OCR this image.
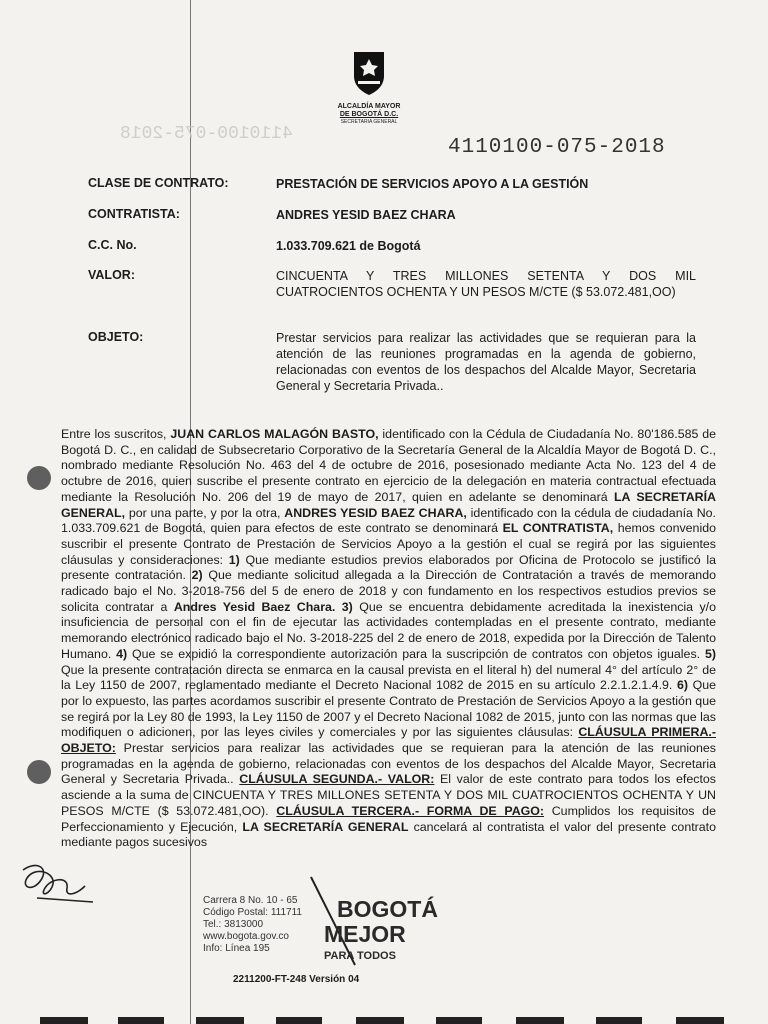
4110100-075-2018
ALCALDÍA MAYOR
DE BOGOTÁ D.C.
SECRETARIA GENERAL
4110100-075-2018
CLASE DE CONTRATO:	PRESTACIÓN DE SERVICIOS APOYO A LA GESTIÓN
CONTRATISTA:	ANDRES YESID BAEZ CHARA
C.C. No.	1.033.709.621 de Bogotá
VALOR:	CINCUENTA Y TRES MILLONES SETENTA Y DOS MIL CUATROCIENTOS OCHENTA Y UN PESOS M/CTE ($ 53.072.481,OO)
OBJETO:	Prestar servicios para realizar las actividades que se requieran para la atención de las reuniones programadas en la agenda de gobierno, relacionadas con eventos de los despachos del Alcalde Mayor, Secretaria General y Secretaria Privada..
Entre los suscritos, JUAN CARLOS MALAGÓN BASTO, identificado con la Cédula de Ciudadanía No. 80'186.585 de Bogotá D. C., en calidad de Subsecretario Corporativo de la Secretaría General de la Alcaldía Mayor de Bogotá D. C., nombrado mediante Resolución No. 463 del 4 de octubre de 2016, posesionado mediante Acta No. 123 del 4 de octubre de 2016, quien suscribe el presente contrato en ejercicio de la delegación en materia contractual efectuada mediante la Resolución No. 206 del 19 de mayo de 2017, quien en adelante se denominará LA SECRETARÍA GENERAL, por una parte, y por la otra, ANDRES YESID BAEZ CHARA, identificado con la cédula de ciudadanía No. 1.033.709.621 de Bogotá, quien para efectos de este contrato se denominará EL CONTRATISTA, hemos convenido suscribir el presente Contrato de Prestación de Servicios Apoyo a la gestión el cual se regirá por las siguientes cláusulas y consideraciones: 1) Que mediante estudios previos elaborados por Oficina de Protocolo se justificó la presente contratación. 2) Que mediante solicitud allegada a la Dirección de Contratación a través de memorando radicado bajo el No. 3-2018-756 del 5 de enero de 2018 y con fundamento en los respectivos estudios previos se solicita contratar a Andres Yesid Baez Chara. 3) Que se encuentra debidamente acreditada la inexistencia y/o insuficiencia de personal con el fin de ejecutar las actividades contempladas en el presente contrato, mediante memorando electrónico radicado bajo el No. 3-2018-225 del 2 de enero de 2018, expedida por la Dirección de Talento Humano. 4) Que se expidió la correspondiente autorización para la suscripción de contratos con objetos iguales. 5) Que la presente contratación directa se enmarca en la causal prevista en el literal h) del numeral 4° del artículo 2° de la Ley 1150 de 2007, reglamentado mediante el Decreto Nacional 1082 de 2015 en su artículo 2.2.1.2.1.4.9. 6) Que por lo expuesto, las partes acordamos suscribir el presente Contrato de Prestación de Servicios Apoyo a la gestión que se regirá por la Ley 80 de 1993, la Ley 1150 de 2007 y el Decreto Nacional 1082 de 2015, junto con las normas que las modifiquen o adicionen, por las leyes civiles y comerciales y por las siguientes cláusulas: CLÁUSULA PRIMERA.- OBJETO: Prestar servicios para realizar las actividades que se requieran para la atención de las reuniones programadas en la agenda de gobierno, relacionadas con eventos de los despachos del Alcalde Mayor, Secretaria General y Secretaria Privada.. CLÁUSULA SEGUNDA.- VALOR: El valor de este contrato para todos los efectos asciende a la suma de CINCUENTA Y TRES MILLONES SETENTA Y DOS MIL CUATROCIENTOS OCHENTA Y UN PESOS M/CTE ($ 53.072.481,OO). CLÁUSULA TERCERA.- FORMA DE PAGO: Cumplidos los requisitos de Perfeccionamiento y Ejecución, LA SECRETARÍA GENERAL cancelará al contratista el valor del presente contrato mediante pagos sucesivos
Carrera 8 No. 10 - 65
Código Postal: 111711
Tel.: 3813000
www.bogota.gov.co
Info: Línea 195
BOGOTÁ
MEJOR
PARA TODOS
2211200-FT-248 Versión 04
